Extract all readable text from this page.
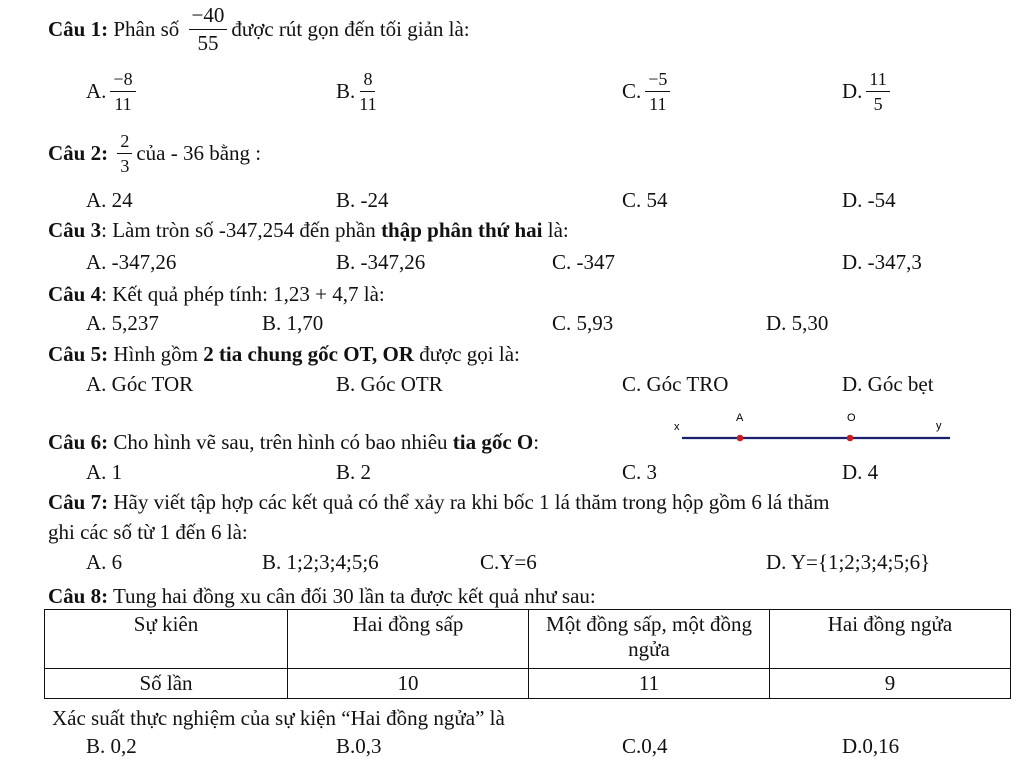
Câu 1:
Phân số
$\frac{-40}{55}$ được rút gọn đến tối giản là:
A. $\frac{-8}{11}$	B. $\frac{8}{11}$	C. $\frac{-5}{11}$	D. $\frac{11}{5}$
Câu 2:
$\frac{2}{3}$ của - 36 bằng :
A. 24	B. -24	C. 54	D. -54
Câu 3: Làm tròn số -347,254 đến phần thập phân thứ hai là:
A. -347,26	B. -347,26	C. -347	D. -347,3
Câu 4: Kết quả phép tính: 1,23 + 4,7 là:
A. 5,237	B. 1,70	C. 5,93	D. 5,30
Câu 5: Hình gồm 2 tia chung gốc OT, OR được gọi là:
A. Góc TOR	B. Góc OTR	C. Góc TRO	D. Góc bẹt
Câu 6: Cho hình vẽ sau, trên hình có bao nhiêu tia gốc O:
x
A	O
y
A. 1	B. 2	C. 3	D. 4
Câu 7: Hãy viết tập hợp các kết quả có thể xảy ra khi bốc 1 lá thăm trong hộp gồm 6 lá thăm
ghi các số từ 1 đến 6 là:
A. 6	B. 1;2;3;4;5;6	C.Y=6	D. Y={1;2;3;4;5;6}
Câu 8: Tung hai đồng xu cân đối 30 lần ta được kết quả như sau:
Sự kiên	Hai đồng sấp	Một đồng sấp, một đồng ngửa	Hai đồng ngửa
Số lần	10	11	9
Xác suất thực nghiệm của sự kiện “Hai đồng ngửa” là
B. 0,2	B.0,3	C.0,4	D.0,16
